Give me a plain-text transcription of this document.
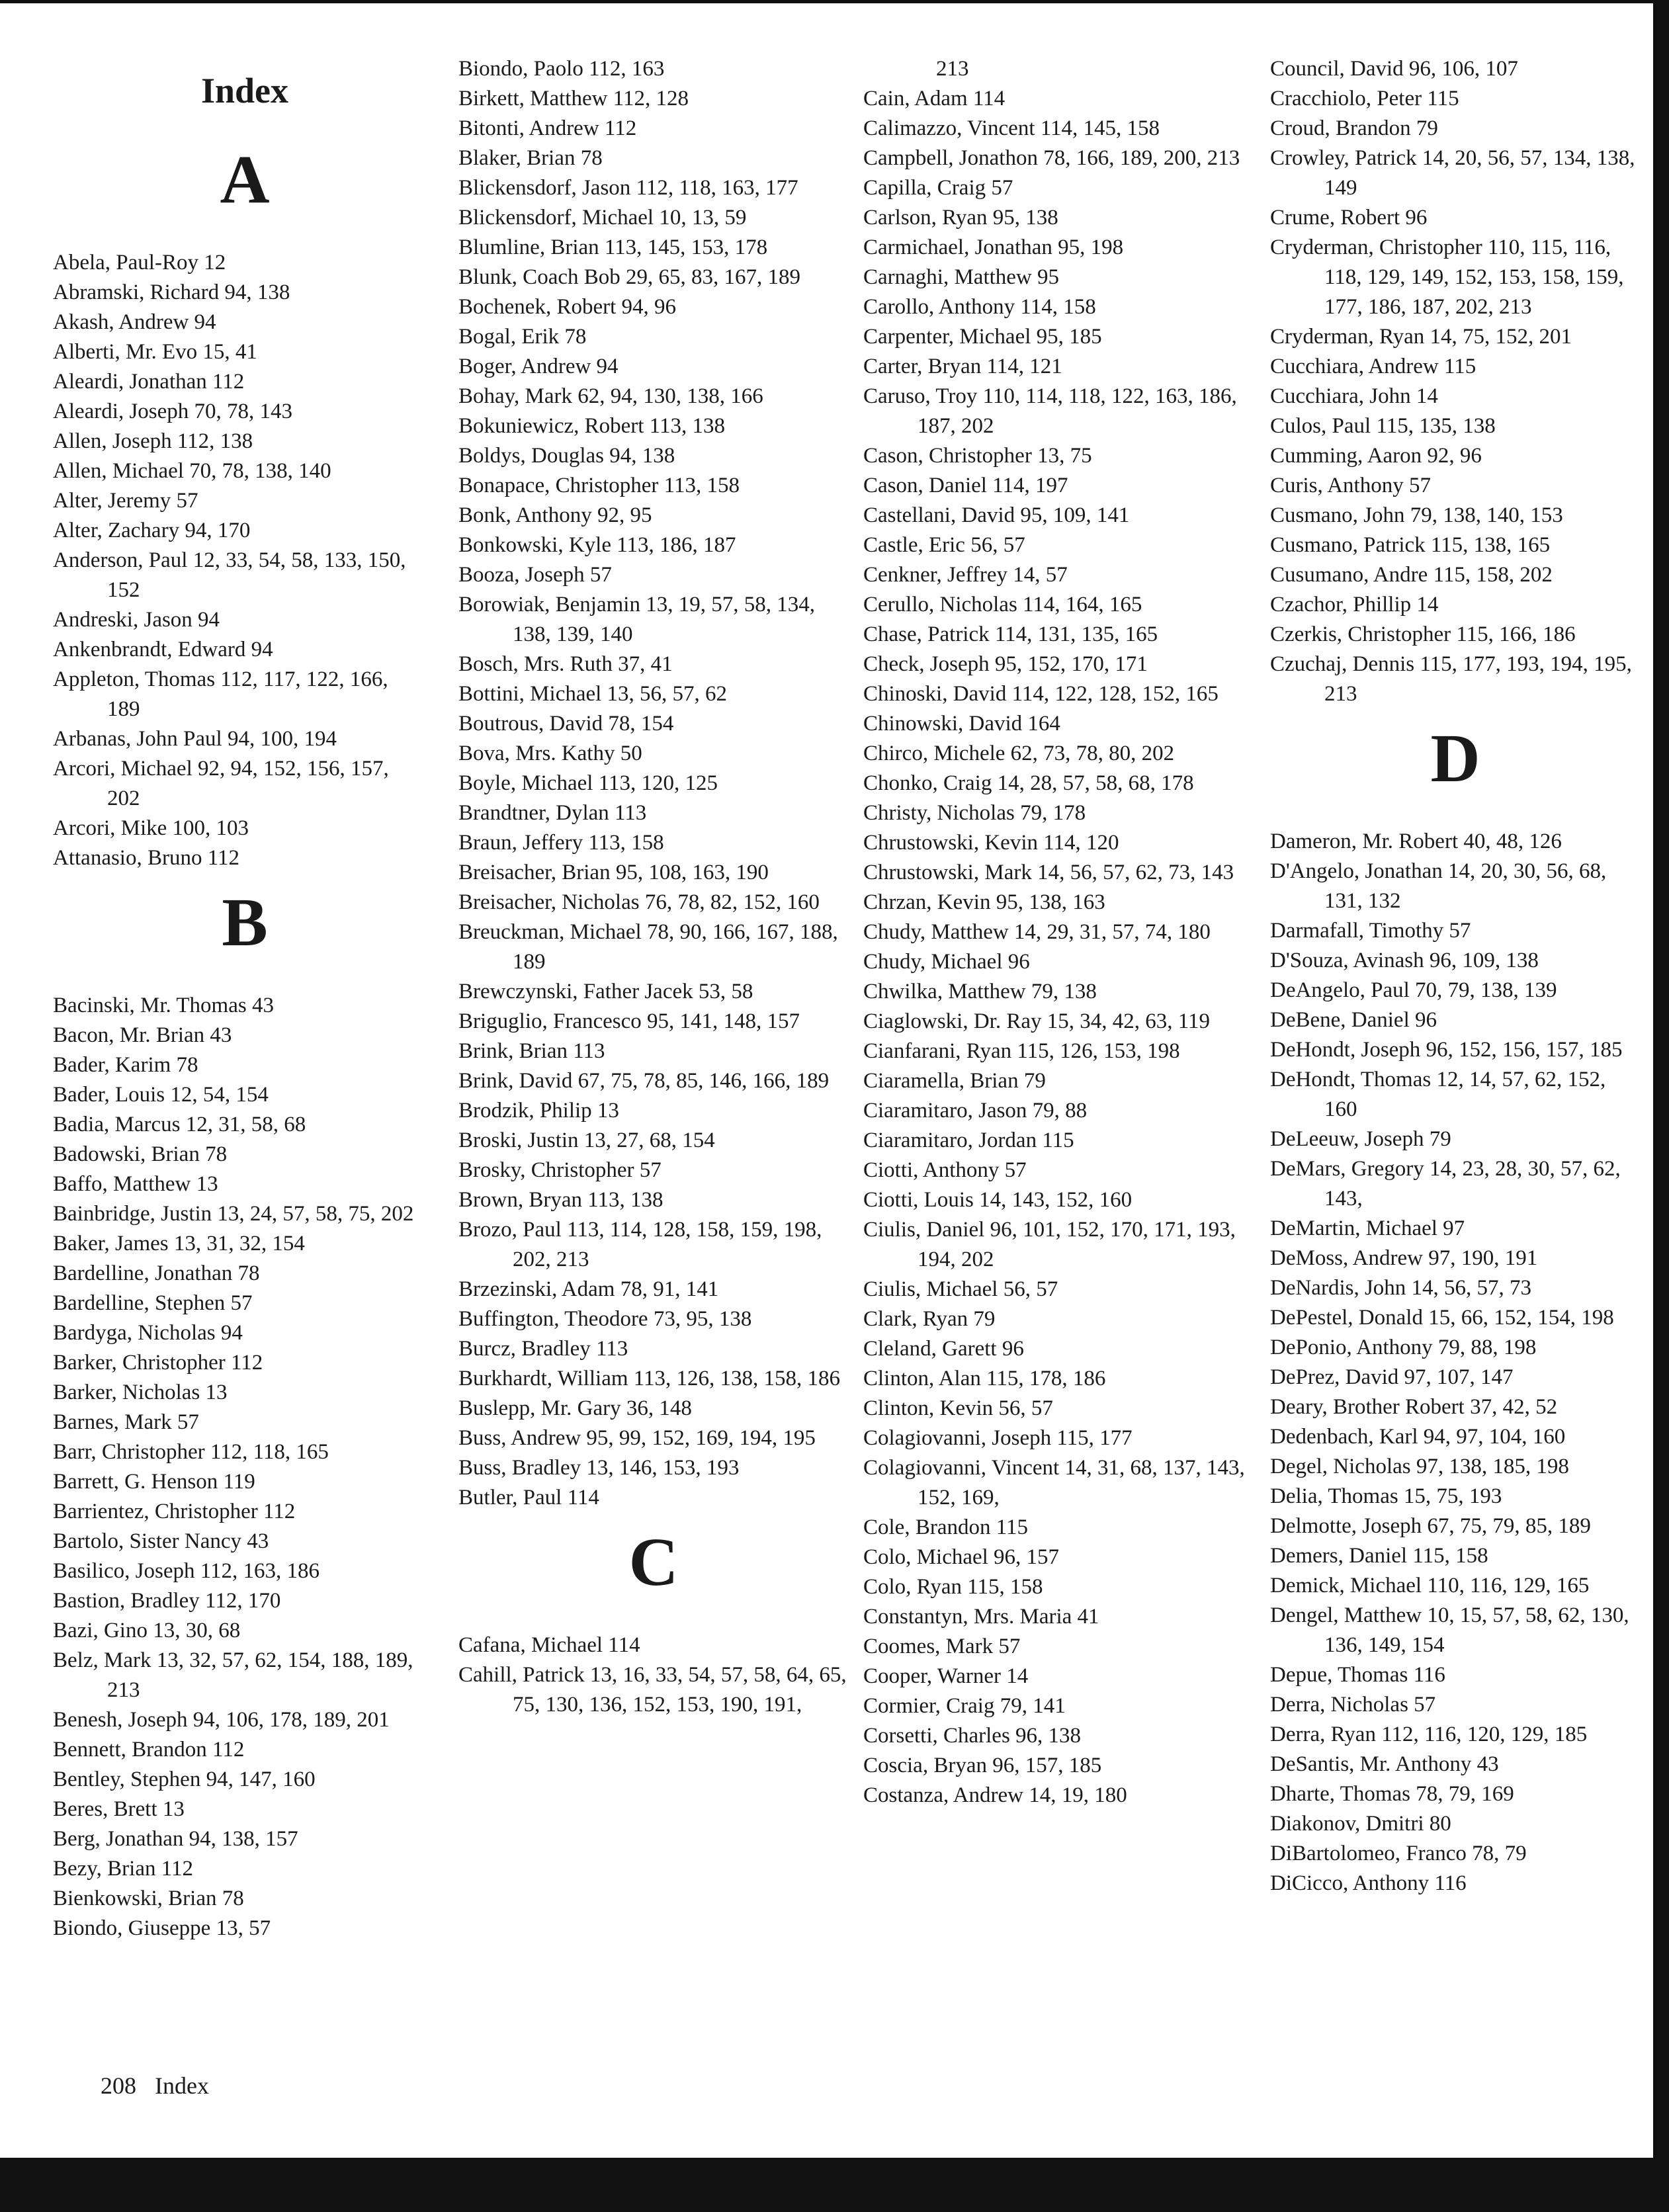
Index
A

Abela, Paul-Roy 12

Abramski, Richard 94, 138

Akash, Andrew 94

Alberti, Mr. Evo 15, 41

Aleardi, Jonathan 112

Aleardi, Joseph 70, 78, 143

Allen, Joseph 112, 138

Allen, Michael 70, 78, 138, 140

Alter, Jeremy 57

Alter, Zachary 94, 170

Anderson, Paul 12, 33, 54, 58, 133, 150, 152

Andreski, Jason 94

Ankenbrandt, Edward 94

Appleton, Thomas 112, 117, 122, 166, 189

Arbanas, John Paul 94, 100, 194

Arcori, Michael 92, 94, 152, 156, 157, 202

Arcori, Mike 100, 103

Attanasio, Bruno 112

B

Bacinski, Mr. Thomas 43

Bacon, Mr. Brian 43

Bader, Karim 78

Bader, Louis 12, 54, 154

Badia, Marcus 12, 31, 58, 68

Badowski, Brian 78

Baffo, Matthew 13

Bainbridge, Justin 13, 24, 57, 58, 75, 202

Baker, James 13, 31, 32, 154

Bardelline, Jonathan 78

Bardelline, Stephen 57

Bardyga, Nicholas 94

Barker, Christopher 112

Barker, Nicholas 13

Barnes, Mark 57

Barr, Christopher 112, 118, 165

Barrett, G. Henson 119

Barrientez, Christopher 112

Bartolo, Sister Nancy 43

Basilico, Joseph 112, 163, 186

Bastion, Bradley 112, 170

Bazi, Gino 13, 30, 68

Belz, Mark 13, 32, 57, 62, 154, 188, 189, 213

Benesh, Joseph 94, 106, 178, 189, 201

Bennett, Brandon 112

Bentley, Stephen 94, 147, 160

Beres, Brett 13

Berg, Jonathan 94, 138, 157

Bezy, Brian 112

Bienkowski, Brian 78

Biondo, Giuseppe 13, 57

Biondo, Paolo 112, 163

Birkett, Matthew 112, 128

Bitonti, Andrew 112

Blaker, Brian 78

Blickensdorf, Jason 112, 118, 163, 177

Blickensdorf, Michael 10, 13, 59

Blumline, Brian 113, 145, 153, 178

Blunk, Coach Bob 29, 65, 83, 167, 189

Bochenek, Robert 94, 96

Bogal, Erik 78

Boger, Andrew 94

Bohay, Mark 62, 94, 130, 138, 166

Bokuniewicz, Robert 113, 138

Boldys, Douglas 94, 138

Bonapace, Christopher 113, 158

Bonk, Anthony 92, 95

Bonkowski, Kyle 113, 186, 187

Booza, Joseph 57

Borowiak, Benjamin 13, 19, 57, 58, 134, 138, 139, 140

Bosch, Mrs. Ruth 37, 41

Bottini, Michael 13, 56, 57, 62

Boutrous, David 78, 154

Bova, Mrs. Kathy 50

Boyle, Michael 113, 120, 125

Brandtner, Dylan 113

Braun, Jeffery 113, 158

Breisacher, Brian 95, 108, 163, 190

Breisacher, Nicholas 76, 78, 82, 152, 160

Breuckman, Michael 78, 90, 166, 167, 188, 189

Brewczynski, Father Jacek 53, 58

Briguglio, Francesco 95, 141, 148, 157

Brink, Brian 113

Brink, David 67, 75, 78, 85, 146, 166, 189

Brodzik, Philip 13

Broski, Justin 13, 27, 68, 154

Brosky, Christopher 57

Brown, Bryan 113, 138

Brozo, Paul 113, 114, 128, 158, 159, 198, 202, 213

Brzezinski, Adam 78, 91, 141

Buffington, Theodore 73, 95, 138

Burcz, Bradley 113

Burkhardt, William 113, 126, 138, 158, 186

Buslepp, Mr. Gary 36, 148

Buss, Andrew 95, 99, 152, 169, 194, 195

Buss, Bradley 13, 146, 153, 193

Butler, Paul 114

C

Cafana, Michael 114

Cahill, Patrick 13, 16, 33, 54, 57, 58, 64, 65, 75, 130, 136, 152, 153, 190, 191,

213

Cain, Adam 114

Calimazzo, Vincent 114, 145, 158

Campbell, Jonathon 78, 166, 189, 200, 213

Capilla, Craig 57

Carlson, Ryan 95, 138

Carmichael, Jonathan 95, 198

Carnaghi, Matthew 95

Carollo, Anthony 114, 158

Carpenter, Michael 95, 185

Carter, Bryan 114, 121

Caruso, Troy 110, 114, 118, 122, 163, 186, 187, 202

Cason, Christopher 13, 75

Cason, Daniel 114, 197

Castellani, David 95, 109, 141

Castle, Eric 56, 57

Cenkner, Jeffrey 14, 57

Cerullo, Nicholas 114, 164, 165

Chase, Patrick 114, 131, 135, 165

Check, Joseph 95, 152, 170, 171

Chinoski, David 114, 122, 128, 152, 165

Chinowski, David 164

Chirco, Michele 62, 73, 78, 80, 202

Chonko, Craig 14, 28, 57, 58, 68, 178

Christy, Nicholas 79, 178

Chrustowski, Kevin 114, 120

Chrustowski, Mark 14, 56, 57, 62, 73, 143

Chrzan, Kevin 95, 138, 163

Chudy, Matthew 14, 29, 31, 57, 74, 180

Chudy, Michael 96

Chwilka, Matthew 79, 138

Ciaglowski, Dr. Ray 15, 34, 42, 63, 119

Cianfarani, Ryan 115, 126, 153, 198

Ciaramella, Brian 79

Ciaramitaro, Jason 79, 88

Ciaramitaro, Jordan 115

Ciotti, Anthony 57

Ciotti, Louis 14, 143, 152, 160

Ciulis, Daniel 96, 101, 152, 170, 171, 193, 194, 202

Ciulis, Michael 56, 57

Clark, Ryan 79

Cleland, Garett 96

Clinton, Alan 115, 178, 186

Clinton, Kevin 56, 57

Colagiovanni, Joseph 115, 177

Colagiovanni, Vincent 14, 31, 68, 137, 143, 152, 169,

Cole, Brandon 115

Colo, Michael 96, 157

Colo, Ryan 115, 158

Constantyn, Mrs. Maria 41

Coomes, Mark 57

Cooper, Warner 14

Cormier, Craig 79, 141

Corsetti, Charles 96, 138

Coscia, Bryan 96, 157, 185

Costanza, Andrew 14, 19, 180

Council, David 96, 106, 107

Cracchiolo, Peter 115

Croud, Brandon 79

Crowley, Patrick 14, 20, 56, 57, 134, 138, 149

Crume, Robert 96

Cryderman, Christopher 110, 115, 116, 118, 129, 149, 152, 153, 158, 159, 177, 186, 187, 202, 213

Cryderman, Ryan 14, 75, 152, 201

Cucchiara, Andrew 115

Cucchiara, John 14

Culos, Paul 115, 135, 138

Cumming, Aaron 92, 96

Curis, Anthony 57

Cusmano, John 79, 138, 140, 153

Cusmano, Patrick 115, 138, 165

Cusumano, Andre 115, 158, 202

Czachor, Phillip 14

Czerkis, Christopher 115, 166, 186

Czuchaj, Dennis 115, 177, 193, 194, 195, 213

D

Dameron, Mr. Robert 40, 48, 126

D'Angelo, Jonathan 14, 20, 30, 56, 68, 131, 132

Darmafall, Timothy 57

D'Souza, Avinash 96, 109, 138

DeAngelo, Paul 70, 79, 138, 139

DeBene, Daniel 96

DeHondt, Joseph 96, 152, 156, 157, 185

DeHondt, Thomas 12, 14, 57, 62, 152, 160

DeLeeuw, Joseph 79

DeMars, Gregory 14, 23, 28, 30, 57, 62, 143,

DeMartin, Michael 97

DeMoss, Andrew 97, 190, 191

DeNardis, John 14, 56, 57, 73

DePestel, Donald 15, 66, 152, 154, 198

DePonio, Anthony 79, 88, 198

DePrez, David 97, 107, 147

Deary, Brother Robert 37, 42, 52

Dedenbach, Karl 94, 97, 104, 160

Degel, Nicholas 97, 138, 185, 198

Delia, Thomas 15, 75, 193

Delmotte, Joseph 67, 75, 79, 85, 189

Demers, Daniel 115, 158

Demick, Michael 110, 116, 129, 165

Dengel, Matthew 10, 15, 57, 58, 62, 130, 136, 149, 154

Depue, Thomas 116

Derra, Nicholas 57

Derra, Ryan 112, 116, 120, 129, 185

DeSantis, Mr. Anthony 43

Dharte, Thomas 78, 79, 169

Diakonov, Dmitri 80

DiBartolomeo, Franco 78, 79

DiCicco, Anthony 116

208 Index
